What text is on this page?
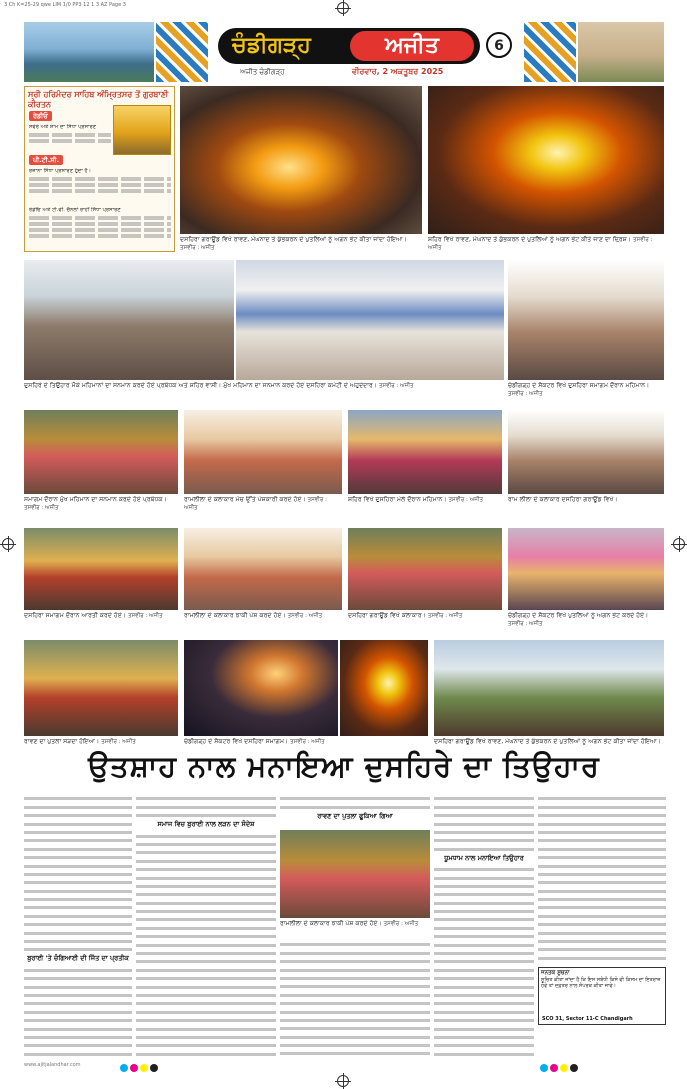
3 Ch K=25-29 qwe LIM 1/0 PP3 12 1 3 AZ Page 3
ਚੰਡੀਗੜ੍ਹ	ਅਜੀਤ	6
ਅਜੀਤ ਚੰਡੀਗੜ੍ਹ	ਵੀਰਵਾਰ, 2 ਅਕਤੂਬਰ 2025
ਸ੍ਰੀ ਹਰਿਮੰਦਰ ਸਾਹਿਬ ਅੰਮ੍ਰਿਤਸਰ ਤੋਂ ਗੁਰਬਾਣੀ ਕੀਰਤਨ
ਰੇਡੀਓ
ਸਵੇਰੇ ਅਤੇ ਸ਼ਾਮ ਦਾ ਸਿੱਧਾ ਪ੍ਰਸਾਰਣ
ਪੀ.ਟੀ.ਸੀ.
ਰੋਜ਼ਾਨਾ ਸਿੱਧਾ ਪ੍ਰਸਾਰਣ ਹੁੰਦਾ ਹੈ।
ਰੇਡੀਓ ਅਤੇ ਟੀ.ਵੀ. ਚੈਨਲਾਂ ਰਾਹੀਂ ਸਿੱਧਾ ਪ੍ਰਸਾਰਣ
ਦਸਹਿਰਾ ਗਰਾਊਂਡ ਵਿਖੇ ਰਾਵਣ, ਮੇਘਨਾਦ ਤੇ ਕੁੰਭਕਰਨ ਦੇ ਪੁਤਲਿਆਂ ਨੂੰ ਅਗਨ ਭੇਟ ਕੀਤਾ ਜਾਂਦਾ ਹੋਇਆ। ਤਸਵੀਰ : ਅਜੀਤ
ਸ਼ਹਿਰ ਵਿਖੇ ਰਾਵਣ, ਮੇਘਨਾਦ ਤੇ ਕੁੰਭਕਰਨ ਦੇ ਪੁਤਲਿਆਂ ਨੂੰ ਅਗਨ ਭੇਟ ਕੀਤੇ ਜਾਣ ਦਾ ਦ੍ਰਿਸ਼। ਤਸਵੀਰ : ਅਜੀਤ
ਦੁਸਹਿਰੇ ਦੇ ਤਿਉਹਾਰ ਮੌਕੇ ਮਹਿਮਾਨਾਂ ਦਾ ਸਨਮਾਨ ਕਰਦੇ ਹੋਏ ਪ੍ਰਬੰਧਕ ਅਤੇ ਸ਼ਹਿਰ ਵਾਸੀ। ਮੁੱਖ ਮਹਿਮਾਨ ਦਾ ਸਨਮਾਨ ਕਰਦੇ ਹੋਏ ਦਸਹਿਰਾ ਕਮੇਟੀ ਦੇ ਅਹੁਦੇਦਾਰ। ਤਸਵੀਰ : ਅਜੀਤ	ਚੰਡੀਗੜ੍ਹ ਦੇ ਸੈਕਟਰ ਵਿਖੇ ਦੁਸਹਿਰਾ ਸਮਾਗਮ ਦੌਰਾਨ ਮਹਿਮਾਨ। ਤਸਵੀਰ : ਅਜੀਤ
ਸਮਾਗਮ ਦੌਰਾਨ ਮੁੱਖ ਮਹਿਮਾਨ ਦਾ ਸਨਮਾਨ ਕਰਦੇ ਹੋਏ ਪ੍ਰਬੰਧਕ। ਤਸਵੀਰ : ਅਜੀਤ
ਰਾਮਲੀਲਾ ਦੇ ਕਲਾਕਾਰ ਮੰਚ ਉੱਤੇ ਪੇਸ਼ਕਾਰੀ ਕਰਦੇ ਹੋਏ। ਤਸਵੀਰ : ਅਜੀਤ
ਸ਼ਹਿਰ ਵਿਖੇ ਦੁਸਹਿਰਾ ਮੇਲੇ ਦੌਰਾਨ ਮਹਿਮਾਨ। ਤਸਵੀਰ : ਅਜੀਤ	ਰਾਮ ਲੀਲਾ ਦੇ ਕਲਾਕਾਰ ਦਸਹਿਰਾ ਗਰਾਊਂਡ ਵਿਖੇ।
ਦਸਹਿਰਾ ਸਮਾਗਮ ਦੌਰਾਨ ਆਰਤੀ ਕਰਦੇ ਹੋਏ। ਤਸਵੀਰ : ਅਜੀਤ	ਰਾਮਲੀਲਾ ਦੇ ਕਲਾਕਾਰ ਝਾਕੀ ਪੇਸ਼ ਕਰਦੇ ਹੋਏ। ਤਸਵੀਰ : ਅਜੀਤ	ਦਸਹਿਰਾ ਗਰਾਊਂਡ ਵਿਖੇ ਕਲਾਕਾਰ। ਤਸਵੀਰ : ਅਜੀਤ	ਚੰਡੀਗੜ੍ਹ ਦੇ ਸੈਕਟਰ ਵਿਖੇ ਪੁਤਲਿਆਂ ਨੂੰ ਅਗਨ ਭੇਟ ਕਰਦੇ ਹੋਏ। ਤਸਵੀਰ : ਅਜੀਤ
ਰਾਵਣ ਦਾ ਪੁਤਲਾ ਸੜਦਾ ਹੋਇਆ। ਤਸਵੀਰ : ਅਜੀਤ	ਚੰਡੀਗੜ੍ਹ ਦੇ ਸੈਕਟਰ ਵਿਖੇ ਦਸਹਿਰਾ ਸਮਾਗਮ। ਤਸਵੀਰ : ਅਜੀਤ	ਦਸਹਿਰਾ ਗਰਾਊਂਡ ਵਿਖੇ ਰਾਵਣ, ਮੇਘਨਾਦ ਤੇ ਕੁੰਭਕਰਨ ਦੇ ਪੁਤਲਿਆਂ ਨੂੰ ਅਗਨ ਭੇਟ ਕੀਤਾ ਜਾਂਦਾ ਹੋਇਆ।
ਉਤਸ਼ਾਹ ਨਾਲ ਮਨਾਇਆ ਦੁਸਹਿਰੇ ਦਾ ਤਿਉਹਾਰ
ਬੁਰਾਈ 'ਤੇ ਚੰਗਿਆਈ ਦੀ ਜਿੱਤ ਦਾ ਪ੍ਰਤੀਕ
ਸਮਾਜ ਵਿਚ ਬੁਰਾਈ ਨਾਲ ਲੜਨ ਦਾ ਸੰਦੇਸ਼
ਰਾਮਲੀਲਾ ਦੇ ਕਲਾਕਾਰ ਝਾਕੀ ਪੇਸ਼ ਕਰਦੇ ਹੋਏ। ਤਸਵੀਰ : ਅਜੀਤ
ਰਾਵਣ ਦਾ ਪੁਤਲਾ ਫੂਕਿਆ ਗਿਆ
ਧੂਮਧਾਮ ਨਾਲ ਮਨਾਇਆ ਤਿਉਹਾਰ
ਜਨਤਕ ਸੂਚਨਾ
ਸੂਚਿਤ ਕੀਤਾ ਜਾਂਦਾ ਹੈ ਕਿ ਇਸ ਸਬੰਧੀ ਕਿਸੇ ਵੀ ਕਿਸਮ ਦਾ ਇਤਰਾਜ਼ ਹੋਵੇ ਤਾਂ ਦਫ਼ਤਰ ਨਾਲ ਸੰਪਰਕ ਕੀਤਾ ਜਾਵੇ।
SCO 31, Sector 11-C Chandigarh
www.ajitjalandhar.com
